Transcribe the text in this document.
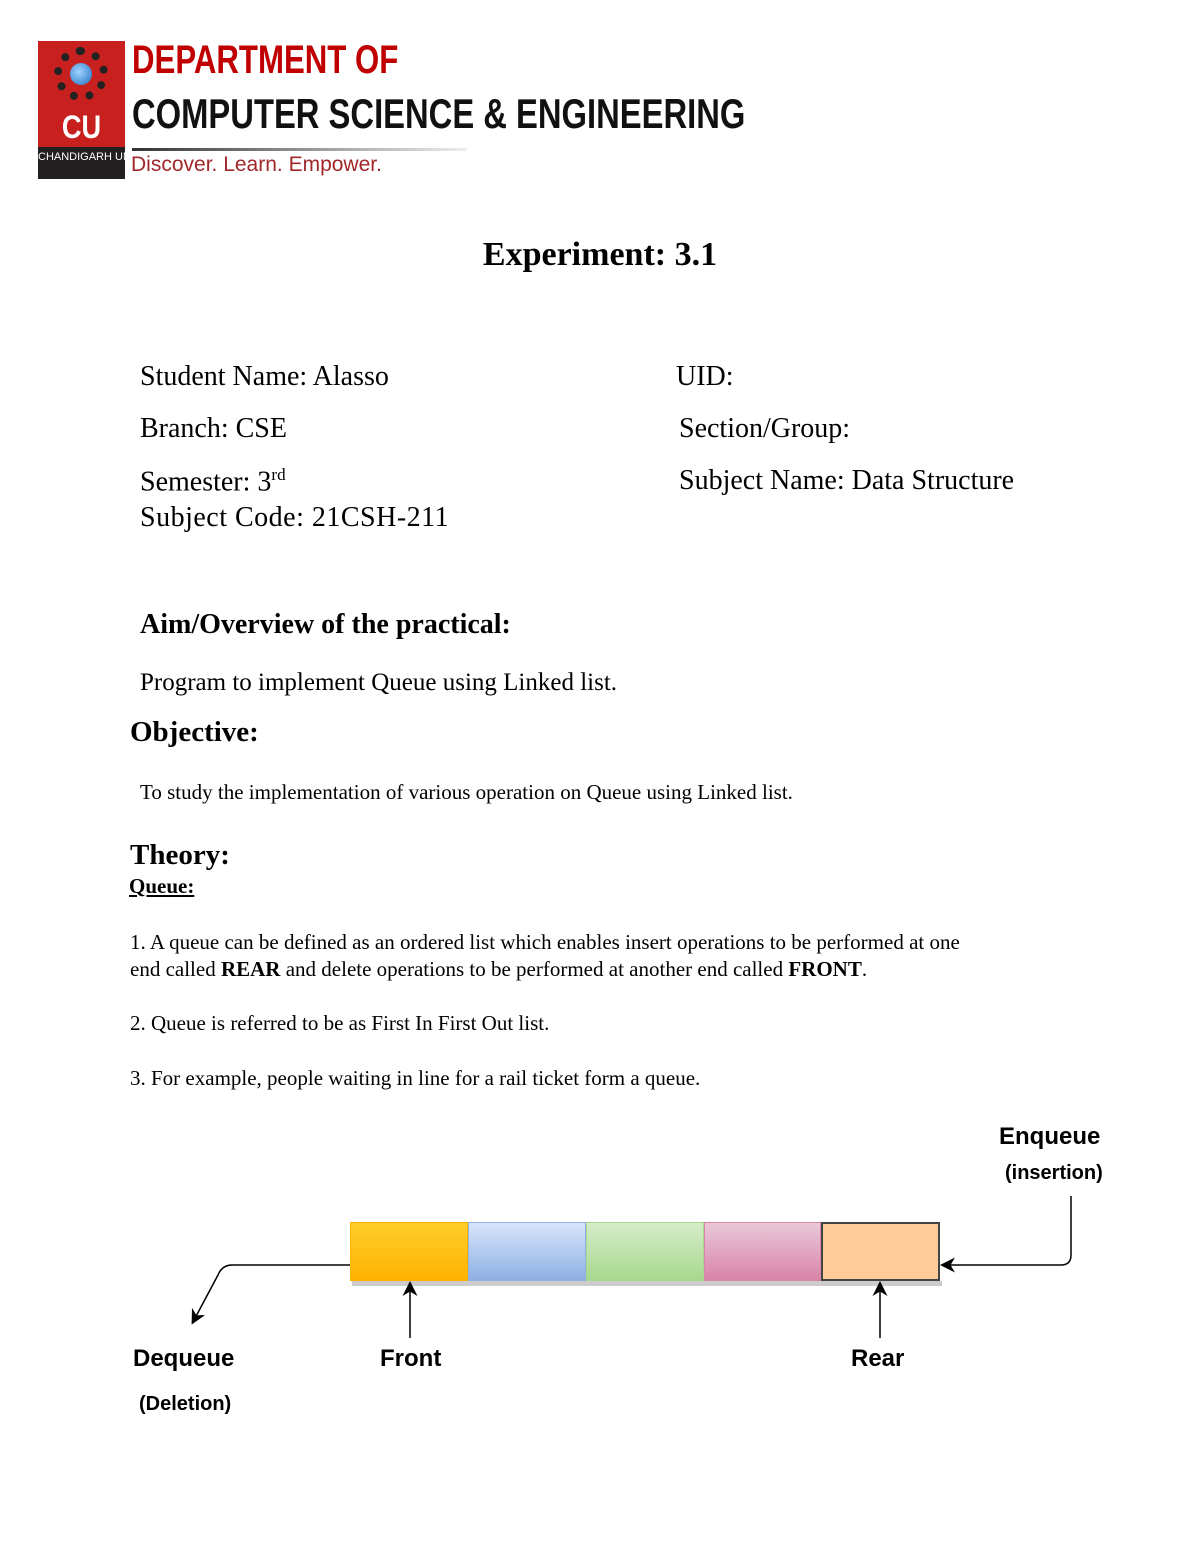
CU
CHANDIGARH UNIVERSITY
DEPARTMENT OF
COMPUTER SCIENCE & ENGINEERING
Discover. Learn. Empower.
Experiment: 3.1
Student Name: Alasso	UID:
Branch: CSE	Section/Group:
Semester: 3rd	Subject Name: Data Structure
Subject Code: 21CSH-211
Aim/Overview of the practical:
Program to implement Queue using Linked list.
Objective:
To study the implementation of various operation on Queue using Linked list.
Theory:
Queue:
1. A queue can be defined as an ordered list which enables insert operations to be performed at one
end called REAR and delete operations to be performed at another end called FRONT.
2. Queue is referred to be as First In First Out list.
3. For example, people waiting in line for a rail ticket form a queue.
Enqueue
(insertion)
Dequeue
(Deletion)
Front	Rear
